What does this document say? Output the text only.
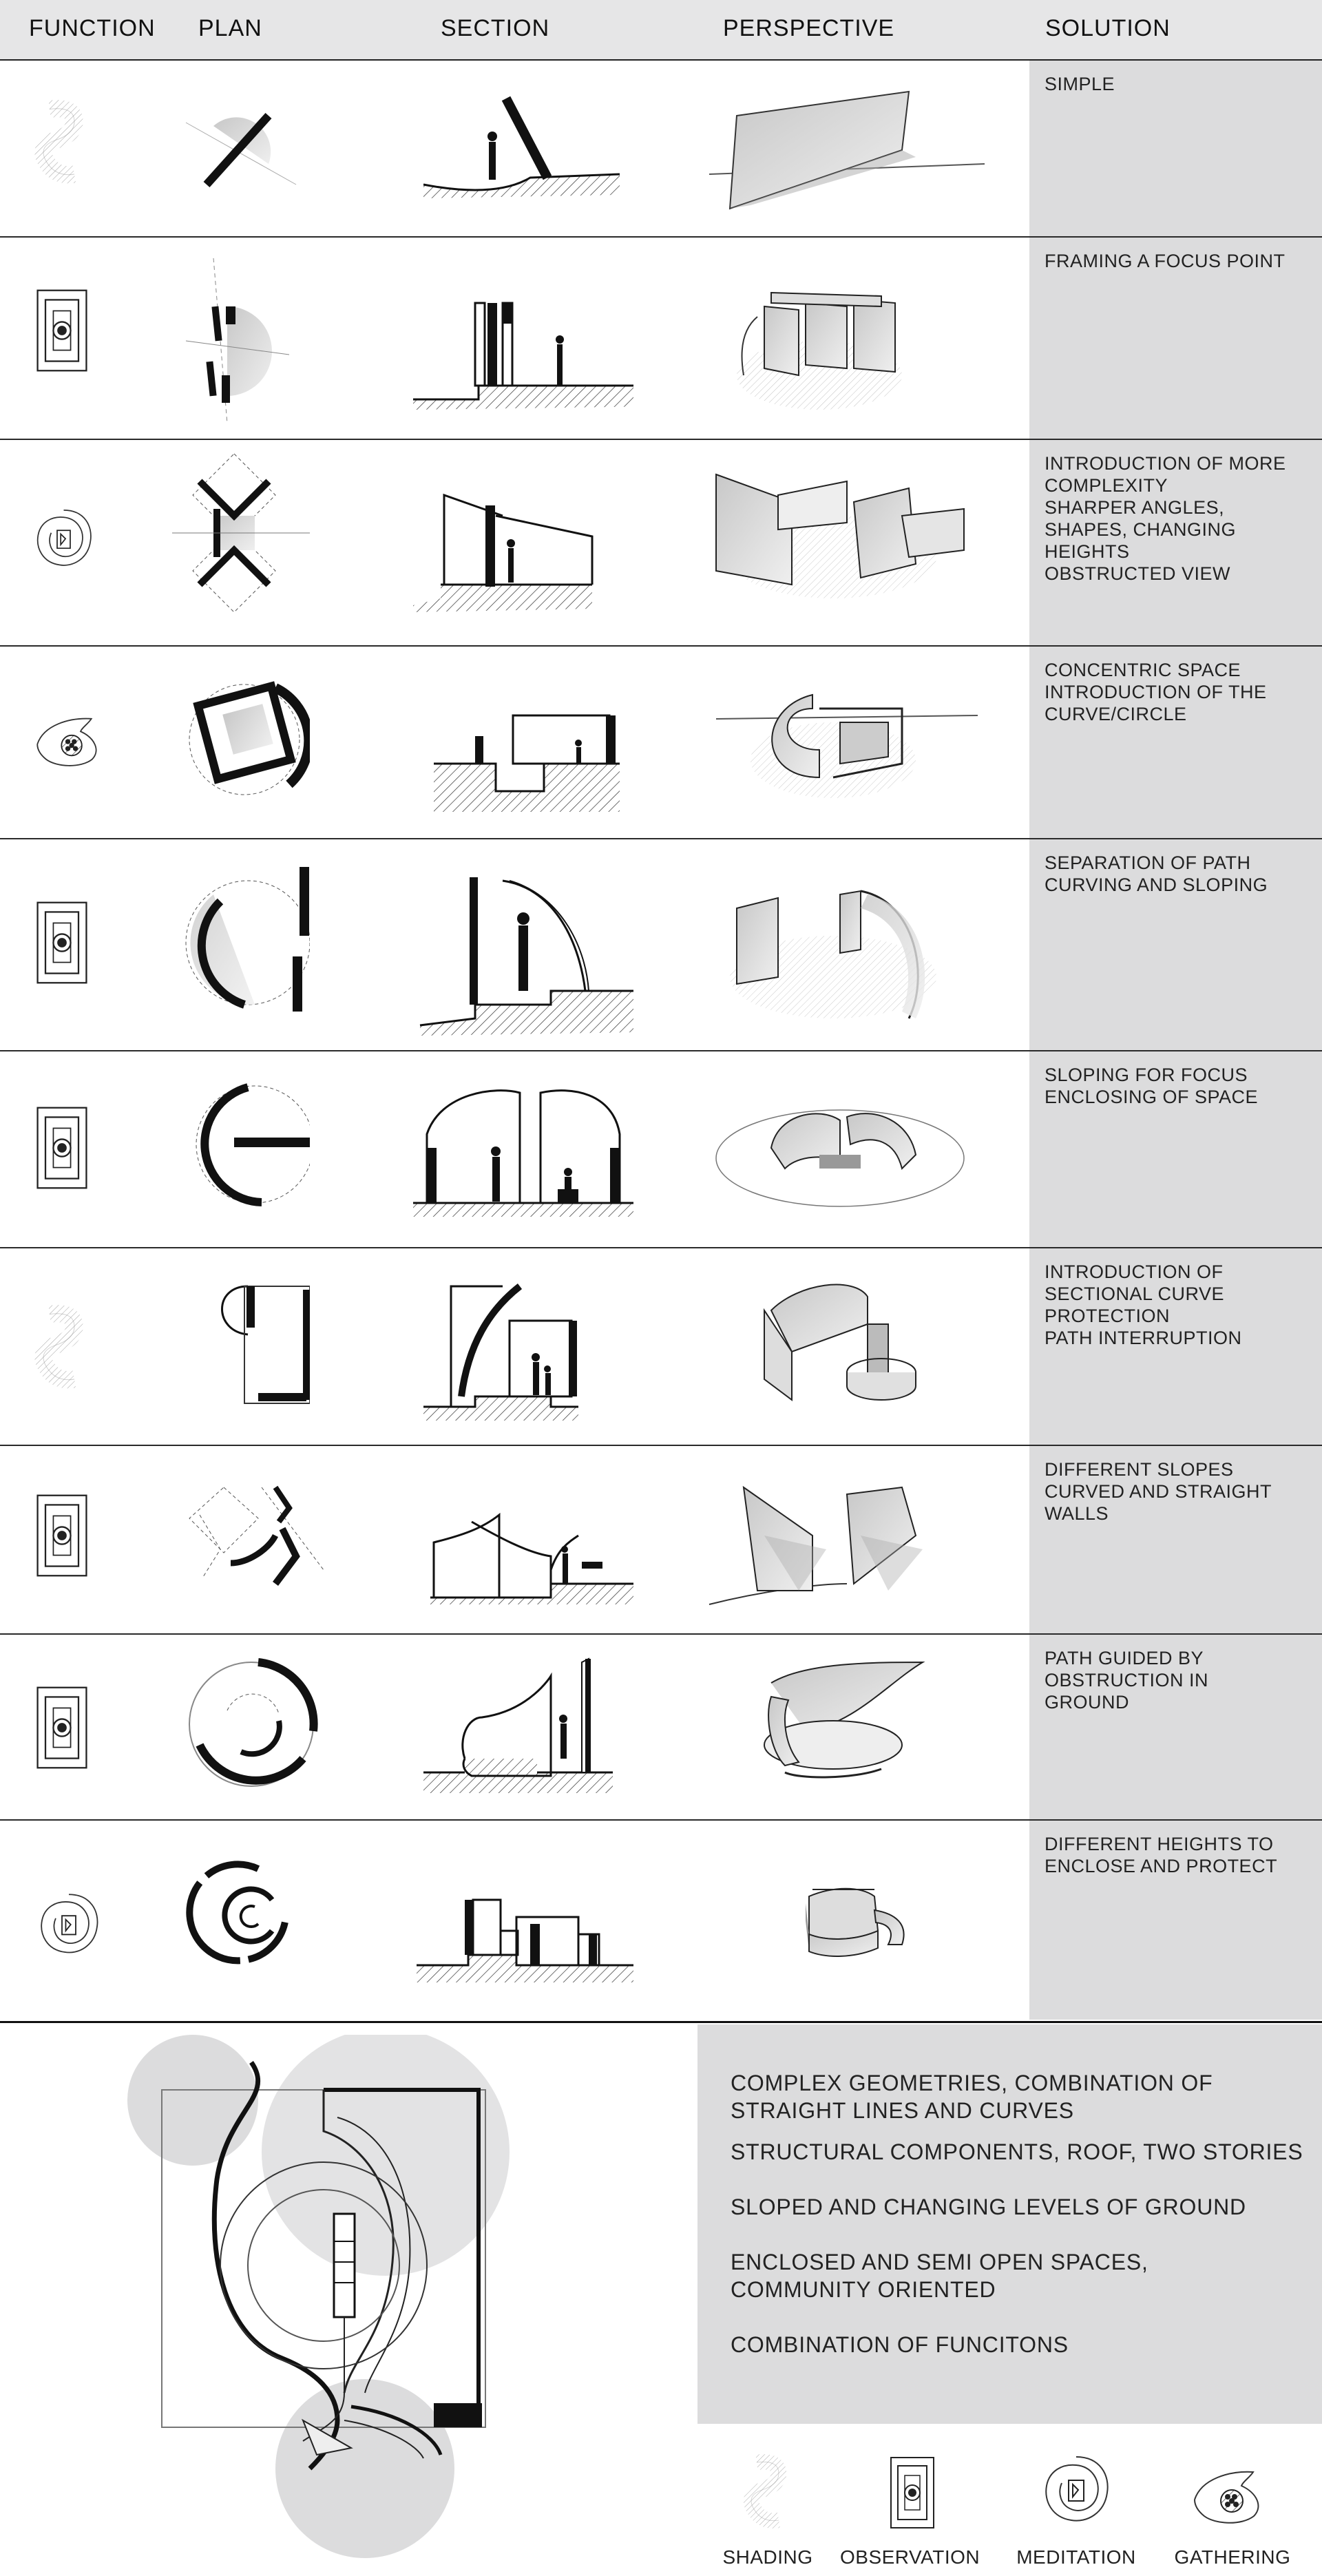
FUNCTION PLAN	SECTION	PERSPECTIVE	SOLUTION
SIMPLE
FRAMING A FOCUS POINT
INTRODUCTION OF MORE
COMPLEXITY
SHARPER ANGLES,
SHAPES, CHANGING
HEIGHTS
OBSTRUCTED VIEW
CONCENTRIC SPACE
INTRODUCTION OF THE
CURVE/CIRCLE
SEPARATION OF PATH
CURVING AND SLOPING
SLOPING FOR FOCUS
ENCLOSING OF SPACE
INTRODUCTION OF
SECTIONAL CURVE
PROTECTION
PATH INTERRUPTION
DIFFERENT SLOPES
CURVED AND STRAIGHT
WALLS
PATH GUIDED BY
OBSTRUCTION IN
GROUND
DIFFERENT HEIGHTS TO
ENCLOSE AND PROTECT
COMPLEX GEOMETRIES, COMBINATION OF
STRAIGHT LINES AND CURVES
STRUCTURAL COMPONENTS, ROOF, TWO STORIES
SLOPED AND CHANGING LEVELS OF GROUND
ENCLOSED AND SEMI OPEN SPACES,
COMMUNITY ORIENTED
COMBINATION OF FUNCITONS
SHADING	OBSERVATION	MEDITATION	GATHERING
